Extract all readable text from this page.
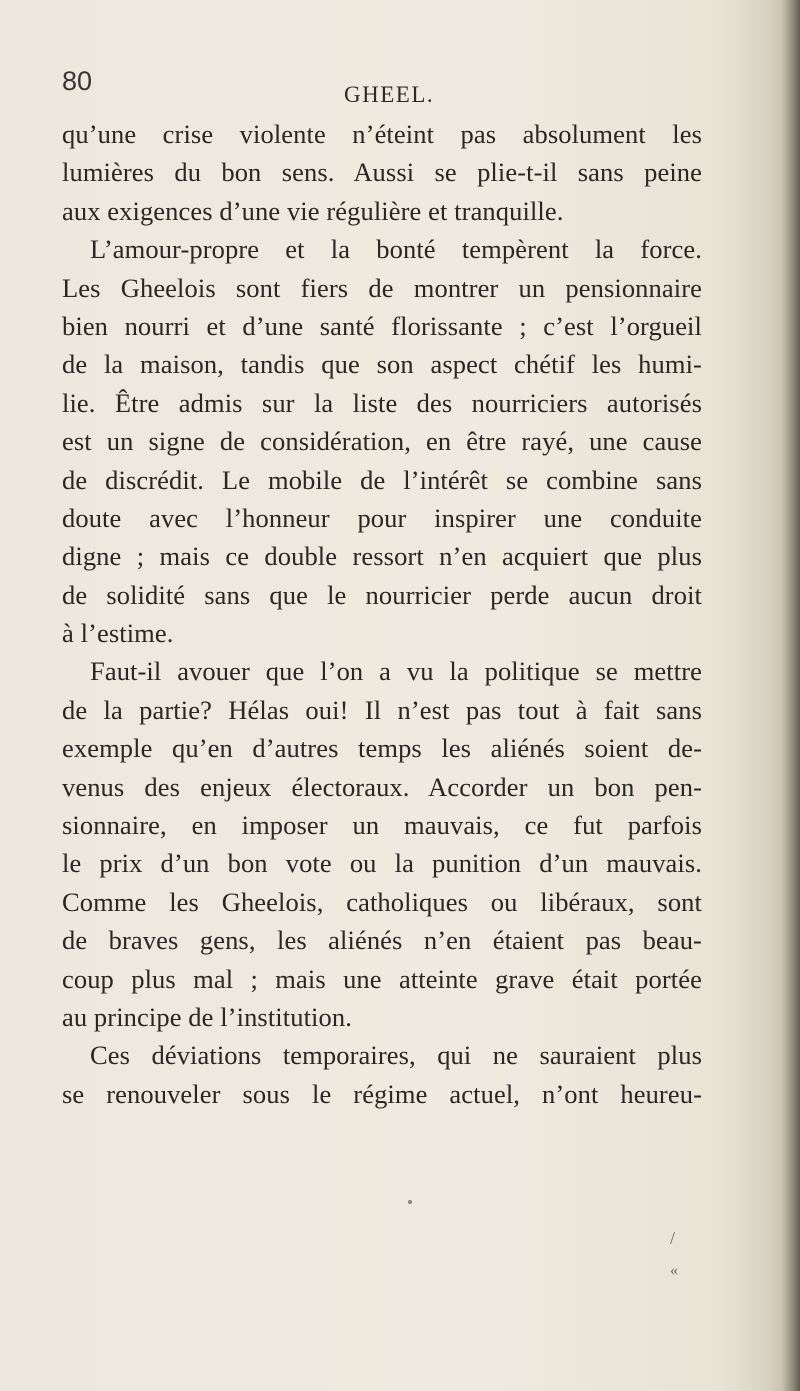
80	GHEEL.
qu’une crise violente n’éteint pas absolument les
lumières du bon sens. Aussi se plie-t-il sans peine
aux exigences d’une vie régulière et tranquille.
L’amour-propre et la bonté tempèrent la force.
Les Gheelois sont fiers de montrer un pensionnaire
bien nourri et d’une santé florissante ; c’est l’orgueil
de la maison, tandis que son aspect chétif les humi-
lie. Être admis sur la liste des nourriciers autorisés
est un signe de considération, en être rayé, une cause
de discrédit. Le mobile de l’intérêt se combine sans
doute avec l’honneur pour inspirer une conduite
digne ; mais ce double ressort n’en acquiert que plus
de solidité sans que le nourricier perde aucun droit
à l’estime.
Faut-il avouer que l’on a vu la politique se mettre
de la partie? Hélas oui! Il n’est pas tout à fait sans
exemple qu’en d’autres temps les aliénés soient de-
venus des enjeux électoraux. Accorder un bon pen-
sionnaire, en imposer un mauvais, ce fut parfois
le prix d’un bon vote ou la punition d’un mauvais.
Comme les Gheelois, catholiques ou libéraux, sont
de braves gens, les aliénés n’en étaient pas beau-
coup plus mal ; mais une atteinte grave était portée
au principe de l’institution.
Ces déviations temporaires, qui ne sauraient plus
se renouveler sous le régime actuel, n’ont heureu-
/
«
